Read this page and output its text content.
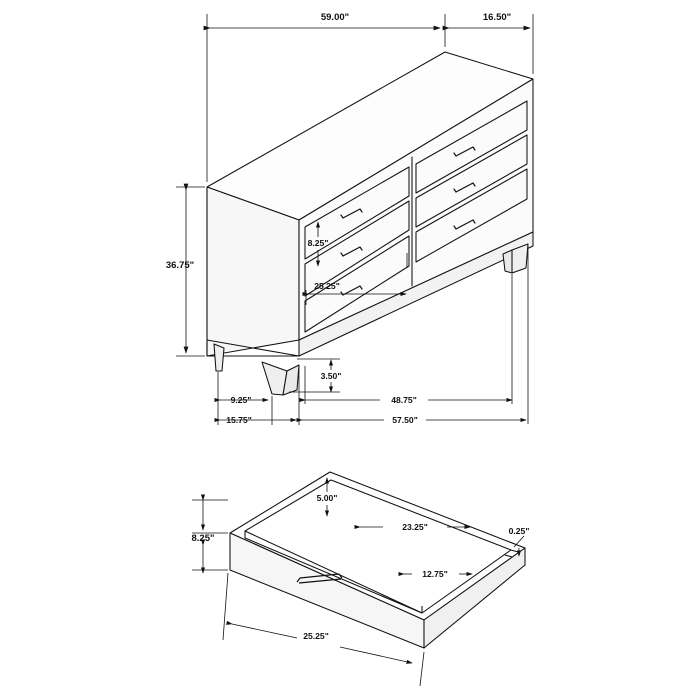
59.00"	16.50"
36.75"
8.25"
25.25"
3.50"
9.25"
15.75"
48.75"
57.50"
8.25"
5.00"
23.25"
12.75"
0.25"
25.25"
